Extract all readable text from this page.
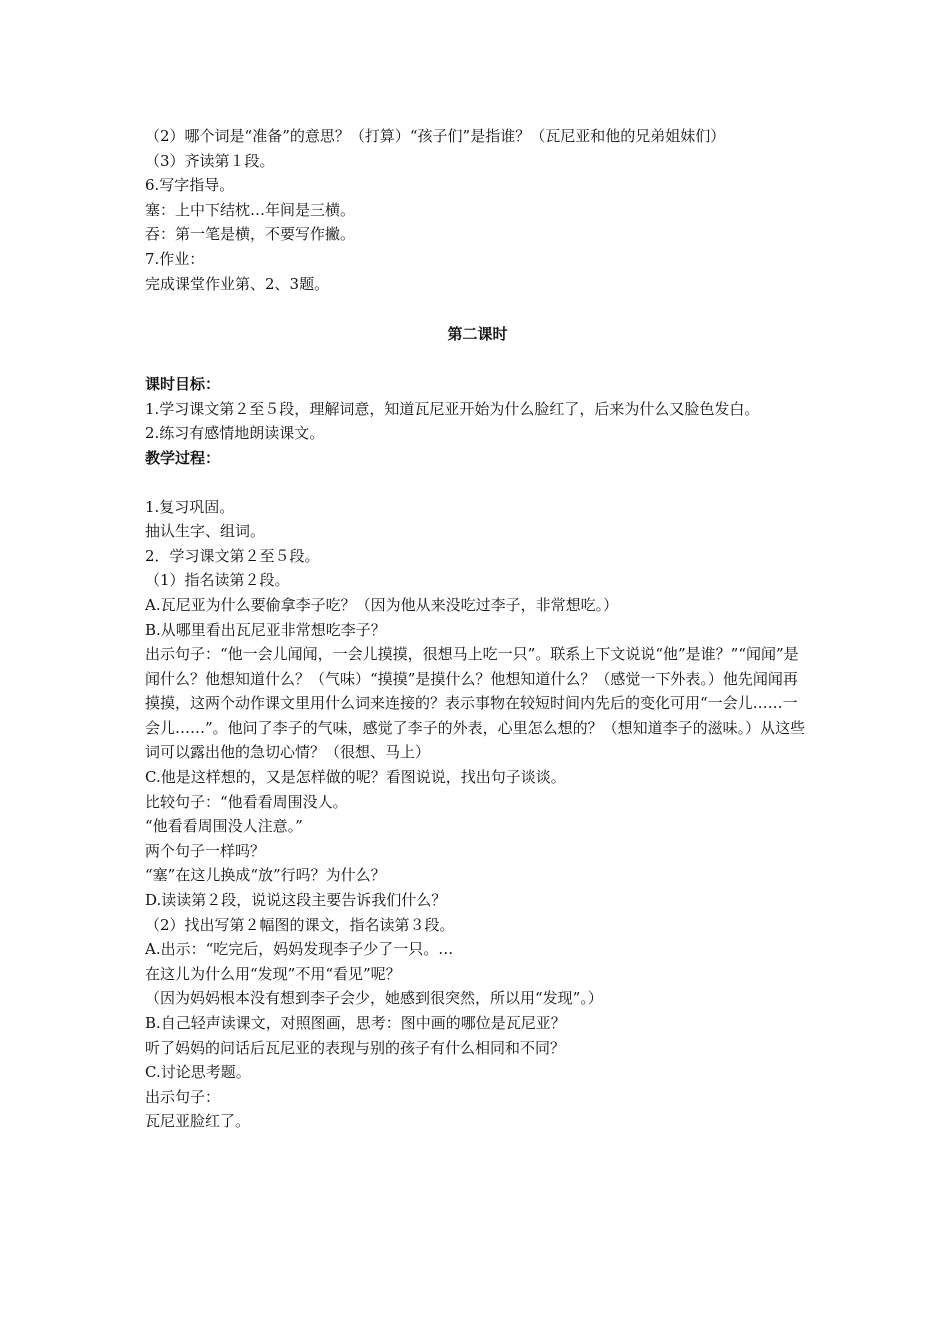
（2）哪个词是“准备”的意思？（打算）“孩子们”是指谁？（瓦尼亚和他的兄弟姐妹们）

（3）齐读第１段。

6.写字指导。

塞：上中下结枕…年间是三横。

吞：第一笔是横，不要写作撇。

7.作业：

完成课堂作业第、2、3题。

第二课时

课时目标：

1.学习课文第２至５段，理解词意，知道瓦尼亚开始为什么脸红了，后来为什么又脸色发白。

2.练习有感情地朗读课文。

教学过程：

1.复习巩固。

抽认生字、组词。

2．学习课文第２至５段。

（1）指名读第２段。

A.瓦尼亚为什么要偷拿李子吃？（因为他从来没吃过李子，非常想吃。）

B.从哪里看出瓦尼亚非常想吃李子？

出示句子：“他一会儿闻闻，一会儿摸摸，很想马上吃一只”。联系上下文说说“他”是谁？”“闻闻”是闻什么？他想知道什么？（气味）“摸摸”是摸什么？他想知道什么？（感觉一下外表。）他先闻闻再摸摸，这两个动作课文里用什么词来连接的？表示事物在较短时间内先后的变化可用“一会儿……一会儿……”。他问了李子的气味，感觉了李子的外表，心里怎么想的？（想知道李子的滋味。）从这些词可以露出他的急切心情？（很想、马上）

C.他是这样想的，又是怎样做的呢？看图说说，找出句子谈谈。

比较句子：“他看看周围没人。

“他看看周围没人注意。”

两个句子一样吗？

“塞”在这儿换成“放”行吗？为什么？

D.读读第２段，说说这段主要告诉我们什么？

（2）找出写第２幅图的课文，指名读第３段。

A.出示：“吃完后，妈妈发现李子少了一只。…

在这儿为什么用“发现”不用“看见”呢？

（因为妈妈根本没有想到李子会少，她感到很突然，所以用“发现”。）

B.自己轻声读课文，对照图画，思考：图中画的哪位是瓦尼亚？

听了妈妈的问话后瓦尼亚的表现与别的孩子有什么相同和不同？

C.讨论思考题。

出示句子：

瓦尼亚脸红了。
